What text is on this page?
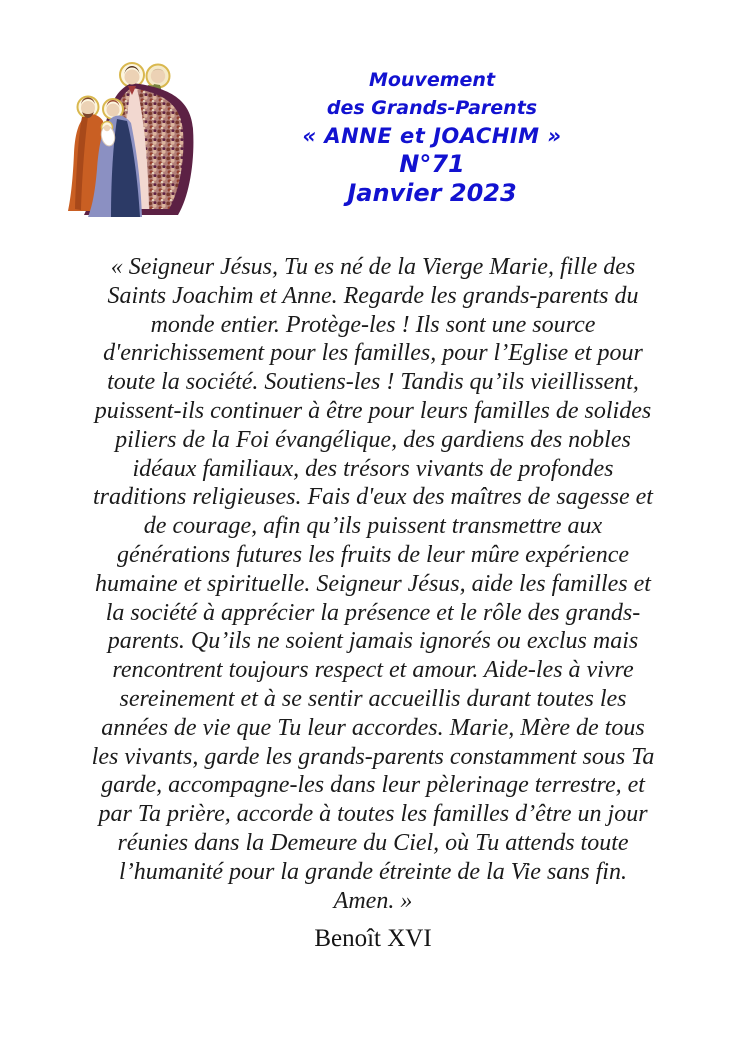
Mouvement
des Grands-Parents
« ANNE et JOACHIM »
N°71
Janvier 2023
« Seigneur Jésus, Tu es né de la Vierge Marie, fille des
Saints Joachim et Anne. Regarde les grands-parents du
monde entier. Protège-les ! Ils sont une source
d'enrichissement pour les familles, pour l’Eglise et pour
toute la société. Soutiens-les ! Tandis qu’ils vieillissent,
puissent-ils continuer à être pour leurs familles de solides
piliers de la Foi évangélique, des gardiens des nobles
idéaux familiaux, des trésors vivants de profondes
traditions religieuses. Fais d'eux des maîtres de sagesse et
de courage, afin qu’ils puissent transmettre aux
générations futures les fruits de leur mûre expérience
humaine et spirituelle. Seigneur Jésus, aide les familles et
la société à apprécier la présence et le rôle des grands-
parents. Qu’ils ne soient jamais ignorés ou exclus mais
rencontrent toujours respect et amour. Aide-les à vivre
sereinement et à se sentir accueillis durant toutes les
années de vie que Tu leur accordes. Marie, Mère de tous
les vivants, garde les grands-parents constamment sous Ta
garde, accompagne-les dans leur pèlerinage terrestre, et
par Ta prière, accorde à toutes les familles d’être un jour
réunies dans la Demeure du Ciel, où Tu attends toute
l’humanité pour la grande étreinte de la Vie sans fin.
Amen. »
Benoît XVI
